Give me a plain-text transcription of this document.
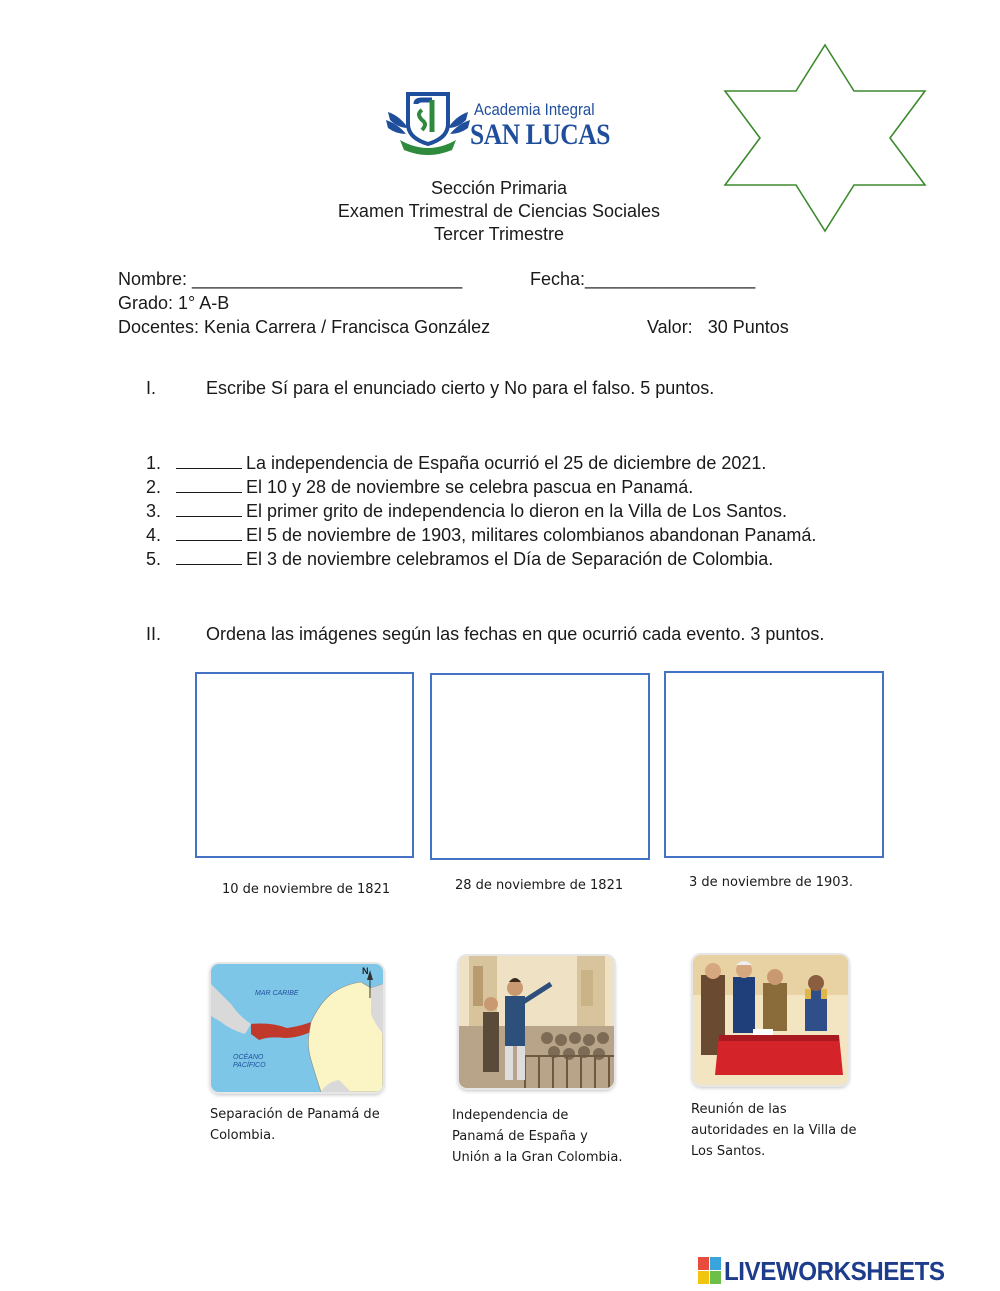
Academia Integral
SAN LUCAS
Sección Primaria
Examen Trimestral de Ciencias Sociales
Tercer Trimestre
Nombre: ___________________________	Fecha:_________________
Grado: 1° A-B
Docentes: Kenia Carrera / Francisca González	Valor:   30 Puntos
I.	Escribe Sí para el enunciado cierto y No para el falso. 5 puntos.
1.	La independencia de España ocurrió el 25 de diciembre de 2021.
2.	El 10 y 28 de noviembre se celebra pascua en Panamá.
3.	El primer grito de independencia lo dieron en la Villa de Los Santos.
4.	El 5 de noviembre de 1903, militares colombianos abandonan Panamá.
5.	El 3 de noviembre celebramos el Día de Separación de Colombia.
II. Ordena las imágenes según las fechas en que ocurrió cada evento. 3 puntos.
10 de noviembre de 1821	28 de noviembre de 1821	3 de noviembre de 1903.
MAR CARIBE
OCÉANO
PACÍFICO
N
Separación de Panamá de
Colombia.
Independencia de
Panamá de España y
Unión a la Gran Colombia.
Reunión de las
autoridades en la Villa de
Los Santos.
LIVEWORKSHEETS
